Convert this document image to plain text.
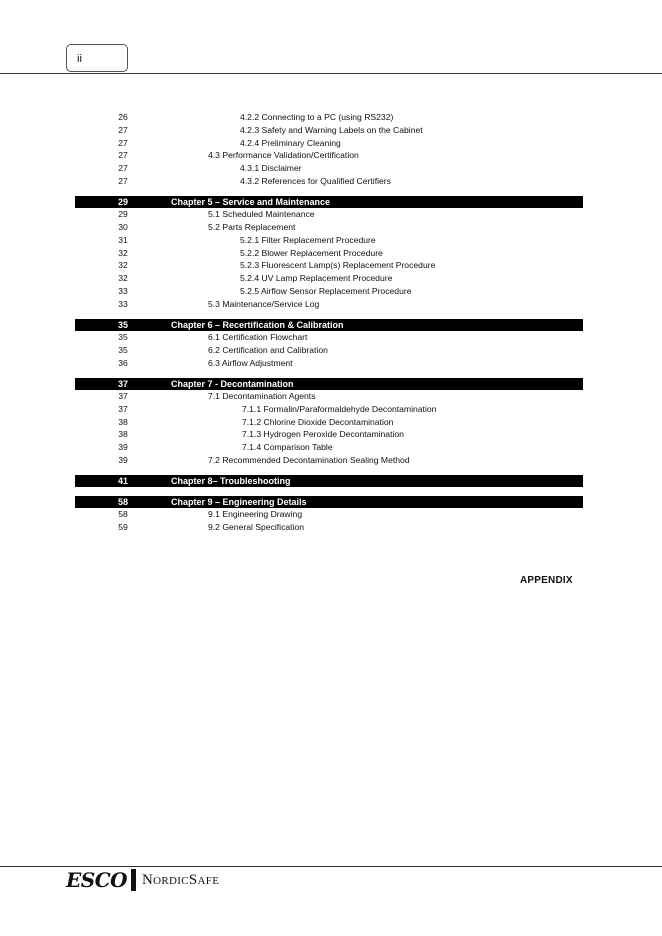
ii
26	4.2.2 Connecting to a PC (using RS232)
27	4.2.3 Safety and Warning Labels on the Cabinet
27	4.2.4 Preliminary Cleaning
27	4.3 Performance Validation/Certification
27	4.3.1 Disclaimer
27	4.3.2 References for Qualified Certifiers
29	Chapter 5 – Service and Maintenance
29	5.1 Scheduled Maintenance
30	5.2 Parts Replacement
31	5.2.1 Filter Replacement Procedure
32	5.2.2 Blower Replacement Procedure
32	5.2.3 Fluorescent Lamp(s) Replacement Procedure
32	5.2.4 UV Lamp Replacement Procedure
33	5.2.5 Airflow Sensor Replacement Procedure
33	5.3 Maintenance/Service Log
35	Chapter 6 – Recertification & Calibration
35	6.1 Certification Flowchart
35	6.2 Certification and Calibration
36	6.3 Airflow Adjustment
37	Chapter 7 - Decontamination
37	7.1 Decontamination Agents
37	7.1.1 Formalin/Paraformaldehyde Decontamination
38	7.1.2 Chlorine Dioxide Decontamination
38	7.1.3 Hydrogen Peroxide Decontamination
39	7.1.4 Comparison Table
39	7.2 Recommended Decontamination Sealing Method
41	Chapter 8– Troubleshooting
58	Chapter 9 – Engineering Details
58	9.1 Engineering Drawing
59	9.2 General Specification
APPENDIX
ESCO NordicSafe
